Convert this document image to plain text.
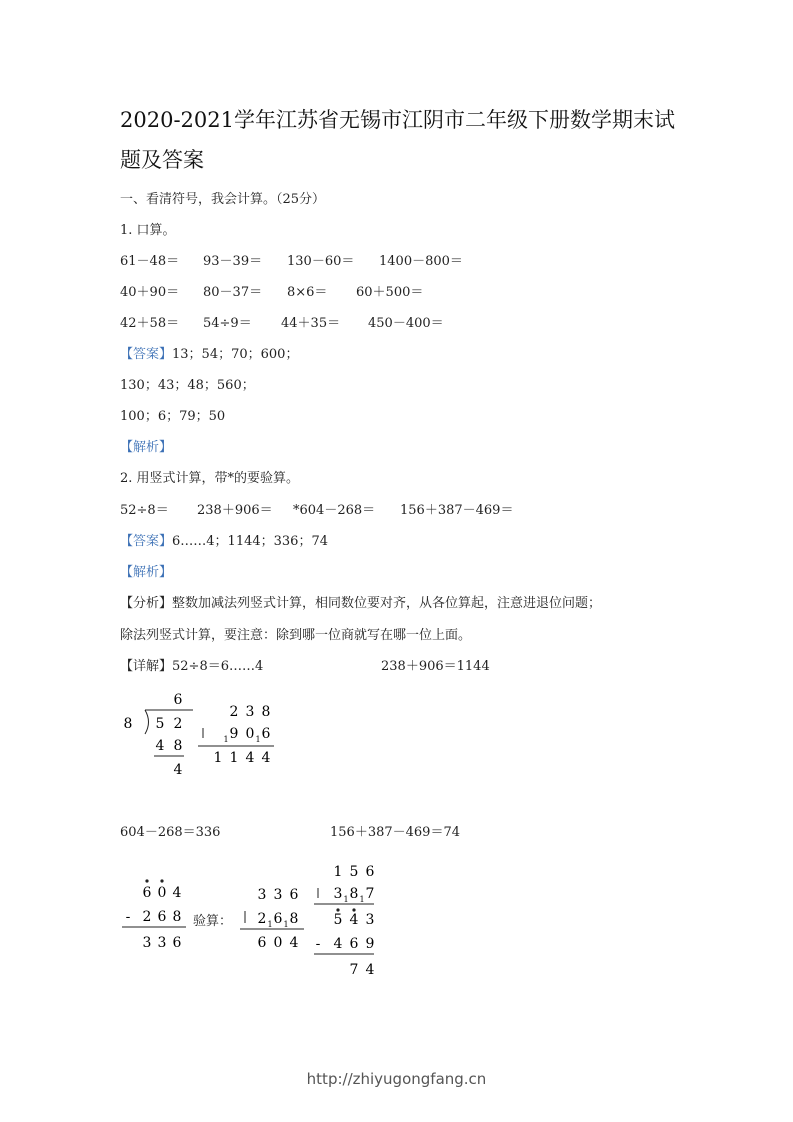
2020-2021学年江苏省无锡市江阴市二年级下册数学期末试题及答案
一、看清符号，我会计算。（25分）
1. 口算。
61－48＝ 93－39＝ 130－60＝ 1400－800＝
40＋90＝ 80－37＝ 8×6＝ 60＋500＝
42＋58＝ 54÷9＝ 44＋35＝ 450－400＝
【答案】13；54；70；600；
130；43；48；560；
100；6；79；50
【解析】
2. 用竖式计算，带*的要验算。
52÷8＝ 238＋906＝ *604－268＝ 156＋387－469＝
【答案】6……4；1144；336；74
【解析】
【分析】整数加减法列竖式计算，相同数位要对齐，从各位算起，注意进退位问题；
除法列竖式计算，要注意：除到哪一位商就写在哪一位上面。
【详解】52÷8＝6……4	238＋906＝1144
6
8 5 2
4 8
4
2 3 8
9 0 6
1	1
1 1 4 4
604－268＝336	156＋387－469＝74
6 0 4
- 2 6 8
3 3 6
验算：
3 3 6
2 6 8
1 1
6 0 4
1 5 6
3 8 7
1 1
5 4 3
- 4 6 9
7 4
http://zhiyugongfang.cn
